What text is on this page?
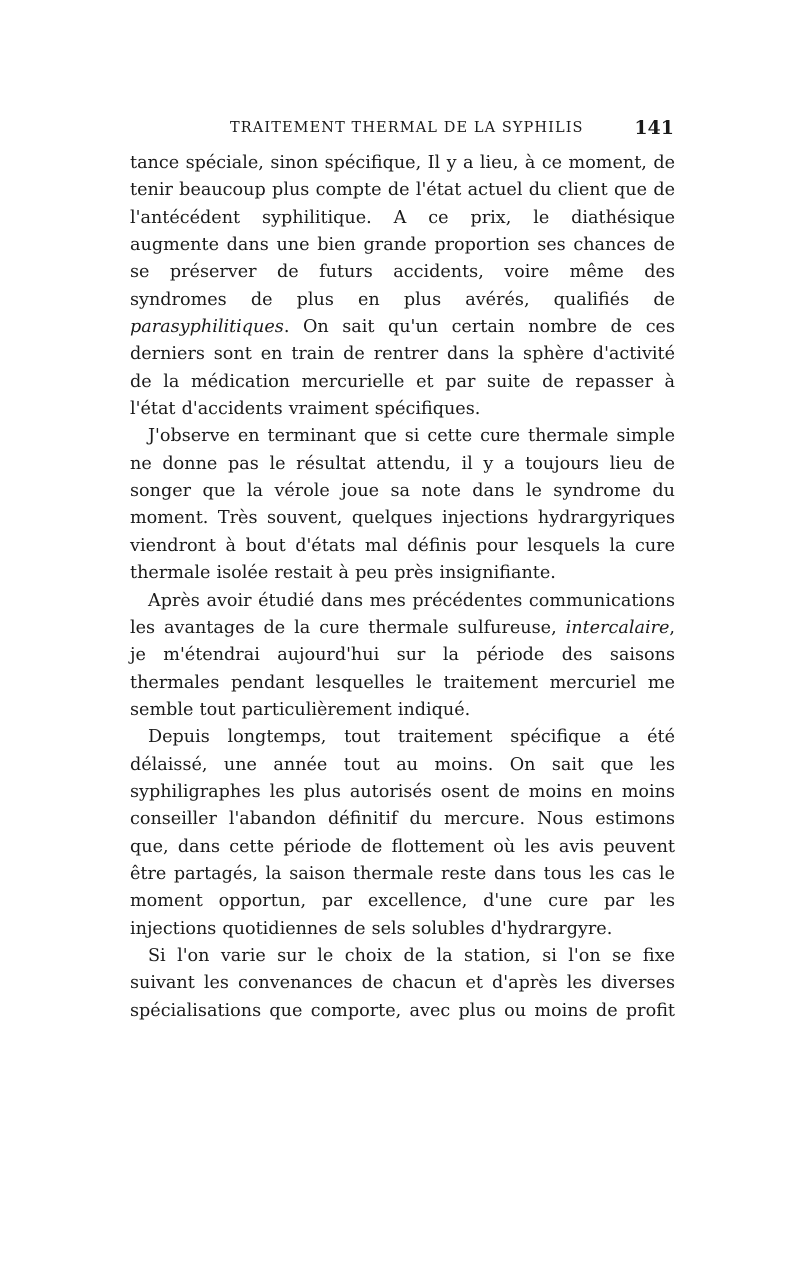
TRAITEMENT THERMAL DE LA SYPHILIS	141

tance spéciale, sinon spécifique, Il y a lieu, à ce moment, de tenir beaucoup plus compte de l'état actuel du client que de l'antécédent syphilitique. A ce prix, le diathésique augmente dans une bien grande proportion ses chances de se préserver de futurs accidents, voire même des syndromes de plus en plus avérés, qualifiés de parasyphilitiques. On sait qu'un certain nombre de ces derniers sont en train de rentrer dans la sphère d'activité de la médication mercurielle et par suite de repasser à l'état d'accidents vraiment spécifiques.

J'observe en terminant que si cette cure thermale simple ne donne pas le résultat attendu, il y a toujours lieu de songer que la vérole joue sa note dans le syndrome du moment. Très souvent, quelques injections hydrargyriques viendront à bout d'états mal définis pour lesquels la cure thermale isolée restait à peu près insignifiante.

Après avoir étudié dans mes précédentes communications les avantages de la cure thermale sulfureuse, intercalaire, je m'étendrai aujourd'hui sur la période des saisons thermales pendant lesquelles le traitement mercuriel me semble tout particulièrement indiqué.

Depuis longtemps, tout traitement spécifique a été délaissé, une année tout au moins. On sait que les syphiligraphes les plus autorisés osent de moins en moins conseiller l'abandon définitif du mercure. Nous estimons que, dans cette période de flottement où les avis peuvent être partagés, la saison thermale reste dans tous les cas le moment opportun, par excellence, d'une cure par les injections quotidiennes de sels solubles d'hydrargyre.

Si l'on varie sur le choix de la station, si l'on se fixe suivant les convenances de chacun et d'après les diverses spécialisations que comporte, avec plus ou moins de profit
